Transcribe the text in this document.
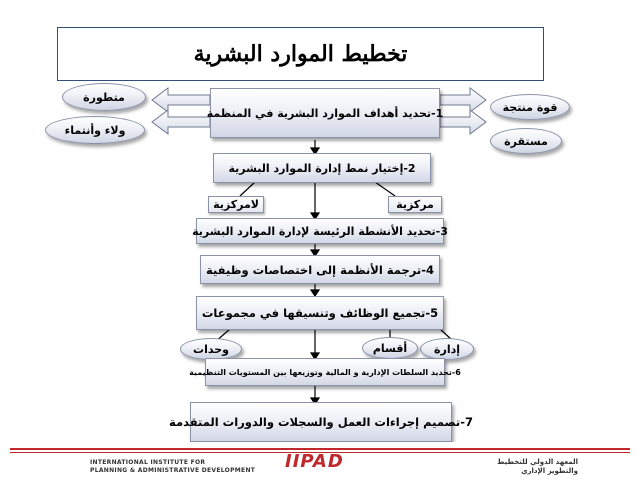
تخطيط الموارد البشرية
1-تحديد أهداف الموارد البشرية في المنظمة
2-إختيار نمط إدارة الموارد البشرية
مركزية
لامركزية
3-تحديد الأنشطة الرئيسة لإدارة الموارد البشرية
4-ترجمة الأنظمة إلى اختصاصات وظيفية
5-تجميع الوظائف وتنسيقها في مجموعات
إدارة
أقسام
وحدات
6-تحديد السلطات الإدارية و المالية وتوزيعها بين المستويات التنظيمية
7-تصميم إجراءات العمل والسجلات والدورات المتقدمة
متطورة
ولاء وأنتماء
قوة منتجة
مستقرة
INTERNATIONAL INSTITUTE FOR
PLANNING & ADMINISTRATIVE DEVELOPMENT IIPAD	المعهد الدولي للتخطيط
والتطوير الإداري
